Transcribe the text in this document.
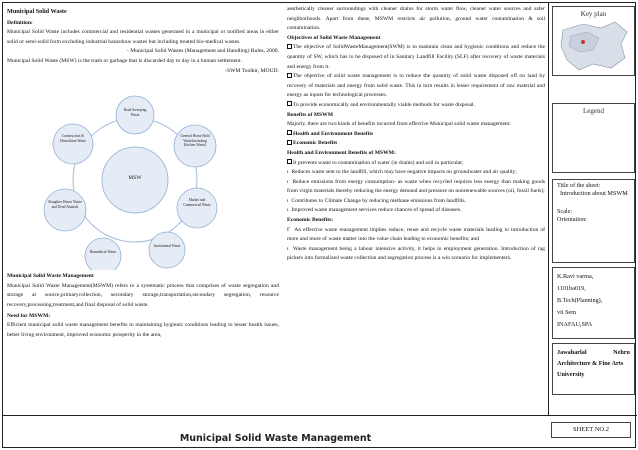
Municipal Solid Waste

Definition:

Municipal Solid Waste includes commercial and residential wastes generated in a municipal or notified areas in either solid or semi-solid form excluding industrial hazardous wastes but including treated bio-medical wastes

- Municipal Solid Wastes (Management and Handling) Rules, 2000.

Municipal Solid Waste (MSW) is the trash or garbage that is discarded day to day in a human settlement.

-SWM Toolkit, MOUD.

MSW
Road Sweeping Waste
General Home Hold Waste(including Kitchen Waste)
Market and Commercial Waste
Institutional Waste
Biomedical Waste
Slaughter House Waste and Dead Animals
Construction & Demolition Waste

Municipal Solid Waste Management

Municipal Solid Waste Management(MSWM) refers to a systematic process that comprises of waste segregation and storage at source,primarycollection, secondary storage,transportation,secondary segregation, resource recovery,processing,treatment,and final disposal of solid waste.

Need for MSWM:

Efficient municipal solid waste management benefits in maintaining hygienic conditions leading to lesser health issues, better living environment, improved economic prosperity in the area,

aesthetically cleaner surroundings with cleaner drains for storm water flow, cleaner water sources and safer neighborhoods. Apart from these, MSWM restricts air pollution, ground water contamination & soil contamination.

Objectives of Solid Waste Management

The objective of SolidWasteManagement(SWM) is to maintain clean and hygienic conditions and reduce the quantity of SW, which has to be disposed of in Sanitary Landfill Facility (SLF) after recovery of waste materials and energy from it.

The objective of solid waste management is to reduce the quantity of solid waste disposed off on land by recovery of materials and energy from solid waste. This in turn results in lesser requirement of raw material and energy as inputs for technological processes.

To provide economically and environmentally viable methods for waste disposal.

Benefits of MSWM

Majorly, there are two kinds of benefits incurred from effective Municipal solid waste management:

Health and Environment Benefits

Economic Benefits

Health and Environment Benefits of MSWM:

It prevents waste to contamination of water (in drains) and soil in particular;

ı  Reduces waste sent to the landfill, which may have negative impacts on groundwater and air quality;

ı  Reduce emissions from energy consumption- as waste when recycled requires less energy than making goods from virgin materials thereby reducing the energy demand and pressure on nonrenewable sources (oil, fossil fuels);

ı  Contributes to Climate Change by reducing methane emissions from landfills.

ı  Improved waste management services reduce chances of spread of diseases.

Economic Benefits:

Γ  An effective waste management implies reduce, reuse and recycle waste materials leading to introduction of more and more of waste matter into the value chain leading to economic benefits; and

ı  Waste management being a labour intensive activity, it helps in employment generation. Introduction of rag pickers into formalized waste collection and segregation process is a win scenario for implementers.

Key plan
Legend
Title of the sheet:
Introduction about MSWM
Scale:
Orientation:
K.Ravi varma,
1101ba019,
B.Tech(Planning),
vii Sem
INAFAU,SPA
Jawaharlal	Nehru
Architecture & Fine Arts
University
Municipal Solid Waste Management
SHEET NO.2
